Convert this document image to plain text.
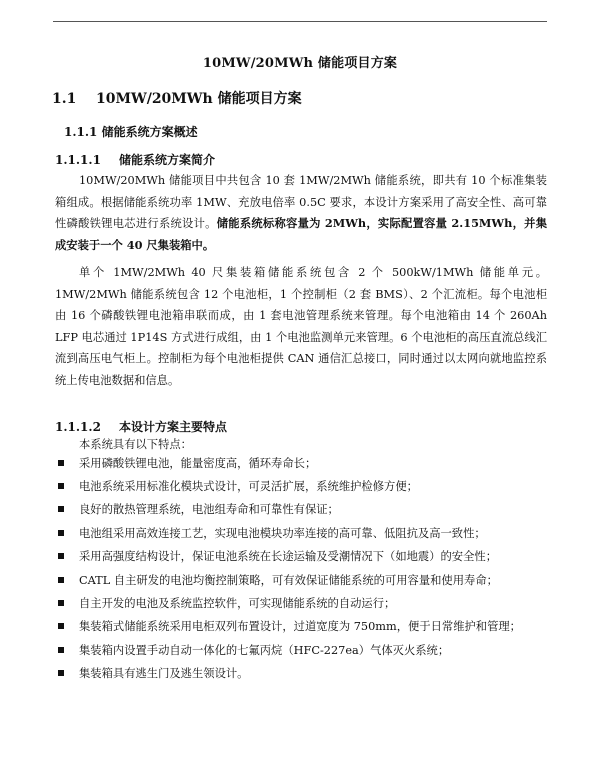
10MW/20MWh 储能项目方案
1.1 10MW/20MWh 储能项目方案
1.1.1 储能系统方案概述
1.1.1.1 储能系统方案简介

10MW/20MWh 储能项目中共包含 10 套 1MW/2MWh 储能系统，即共有 10 个标准集装箱组成。根据储能系统功率 1MW、充放电倍率 0.5C 要求，本设计方案采用了高安全性、高可靠性磷酸铁锂电芯进行系统设计。储能系统标称容量为 2MWh，实际配置容量 2.15MWh，并集成安装于一个 40 尺集装箱中。

单个 1MW/2MWh 40 尺集装箱储能系统包含 2 个 500kW/1MWh 储能单元。1MW/2MWh 储能系统包含 12 个电池柜，1 个控制柜（2 套 BMS）、2 个汇流柜。每个电池柜由 16 个磷酸铁锂电池箱串联而成，由 1 套电池管理系统来管理。每个电池箱由 14 个 260Ah LFP 电芯通过 1P14S 方式进行成组，由 1 个电池监测单元来管理。6 个电池柜的高压直流总线汇流到高压电气柜上。控制柜为每个电池柜提供 CAN 通信汇总接口，同时通过以太网向就地监控系统上传电池数据和信息。

1.1.1.2 本设计方案主要特点

本系统具有以下特点：

采用磷酸铁锂电池，能量密度高，循环寿命长；
电池系统采用标准化模块式设计，可灵活扩展，系统维护检修方便；
良好的散热管理系统，电池组寿命和可靠性有保证；
电池组采用高效连接工艺，实现电池模块功率连接的高可靠、低阻抗及高一致性；
采用高强度结构设计，保证电池系统在长途运输及受潮情况下（如地震）的安全性；
CATL 自主研发的电池均衡控制策略，可有效保证储能系统的可用容量和使用寿命；
自主开发的电池及系统监控软件，可实现储能系统的自动运行；
集装箱式储能系统采用电柜双列布置设计，过道宽度为 750mm，便于日常维护和管理；
集装箱内设置手动自动一体化的七氟丙烷（HFC-227ea）气体灭火系统；
集装箱具有逃生门及逃生领设计。
